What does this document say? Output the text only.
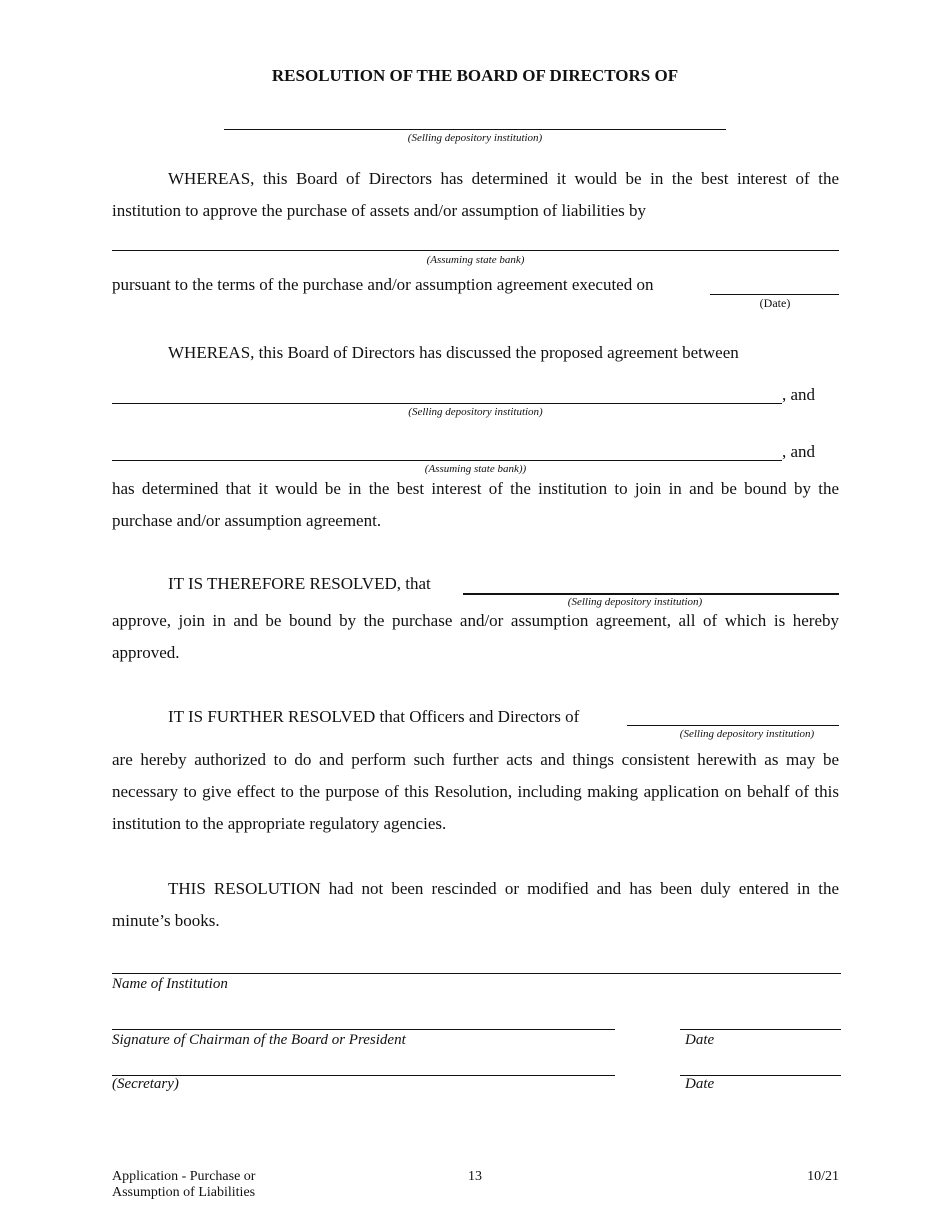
RESOLUTION OF THE BOARD OF DIRECTORS OF
(Selling depository institution)
WHEREAS, this Board of Directors has determined it would be in the best interest of the institution to approve the purchase of assets and/or assumption of liabilities by
(Assuming state bank)
pursuant to the terms of the purchase and/or assumption agreement executed on
(Date)
WHEREAS, this Board of Directors has discussed the proposed agreement between
, and
(Selling depository institution)
, and
(Assuming state bank))
has determined that it would be in the best interest of the institution to join in and be bound by the purchase and/or assumption agreement.
IT IS THEREFORE RESOLVED, that
(Selling depository institution)
approve, join in and be bound by the purchase and/or assumption agreement, all of which is hereby approved.
IT IS FURTHER RESOLVED that Officers and Directors of
(Selling depository institution)
are hereby authorized to do and perform such further acts and things consistent herewith as may be necessary to give effect to the purpose of this Resolution, including making application on behalf of this institution to the appropriate regulatory agencies.
THIS RESOLUTION had not been rescinded or modified and has been duly entered in the minute’s books.
Name of Institution
Signature of Chairman of the Board or President	Date
(Secretary)	Date
Application - Purchase or
Assumption of Liabilities
13	10/21
